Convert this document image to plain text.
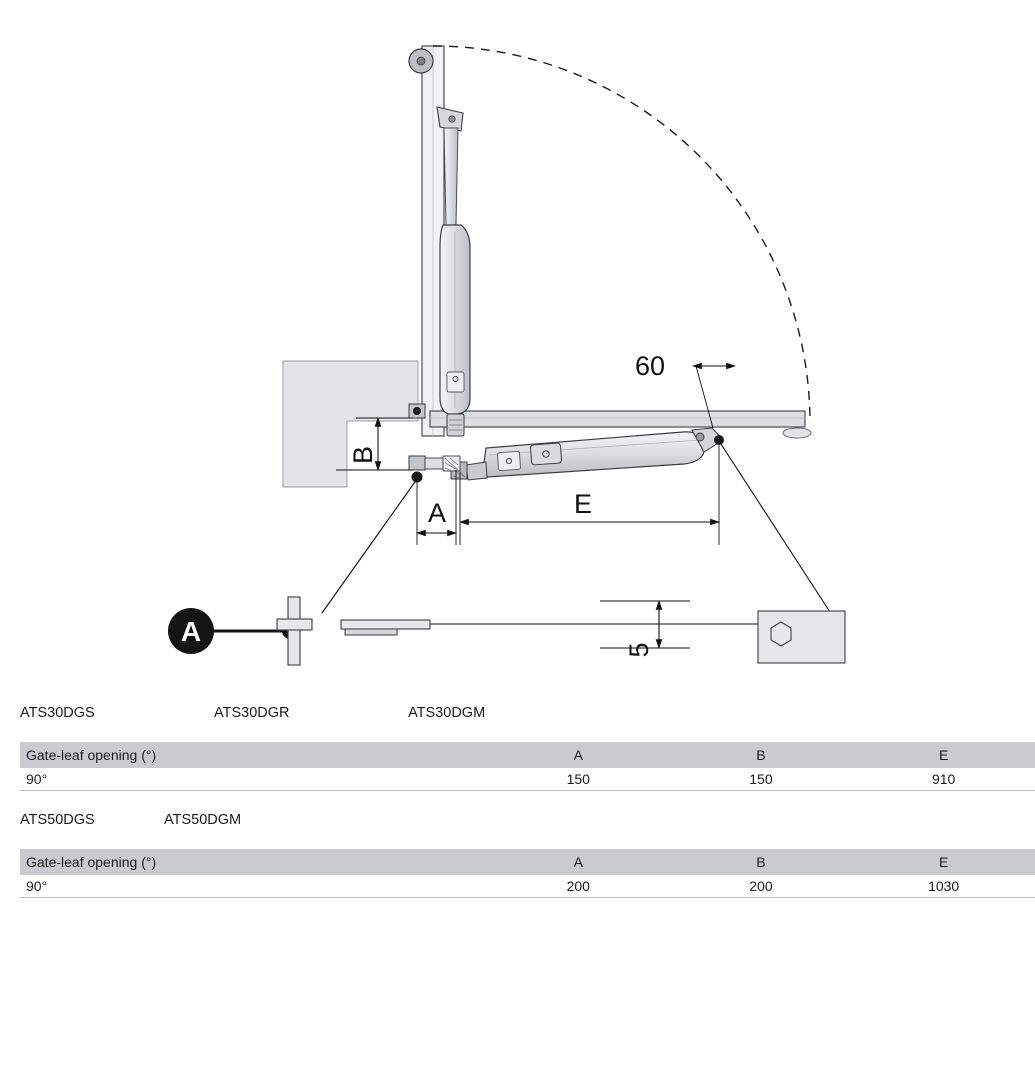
B
A	E
60
A
5
ATS30DGS	ATS30DGR	ATS30DGM
Gate-leaf opening (°)	A	B	E
90°	150	150	910
ATS50DGS	ATS50DGM
Gate-leaf opening (°)	A	B	E
90°	200	200	1030
